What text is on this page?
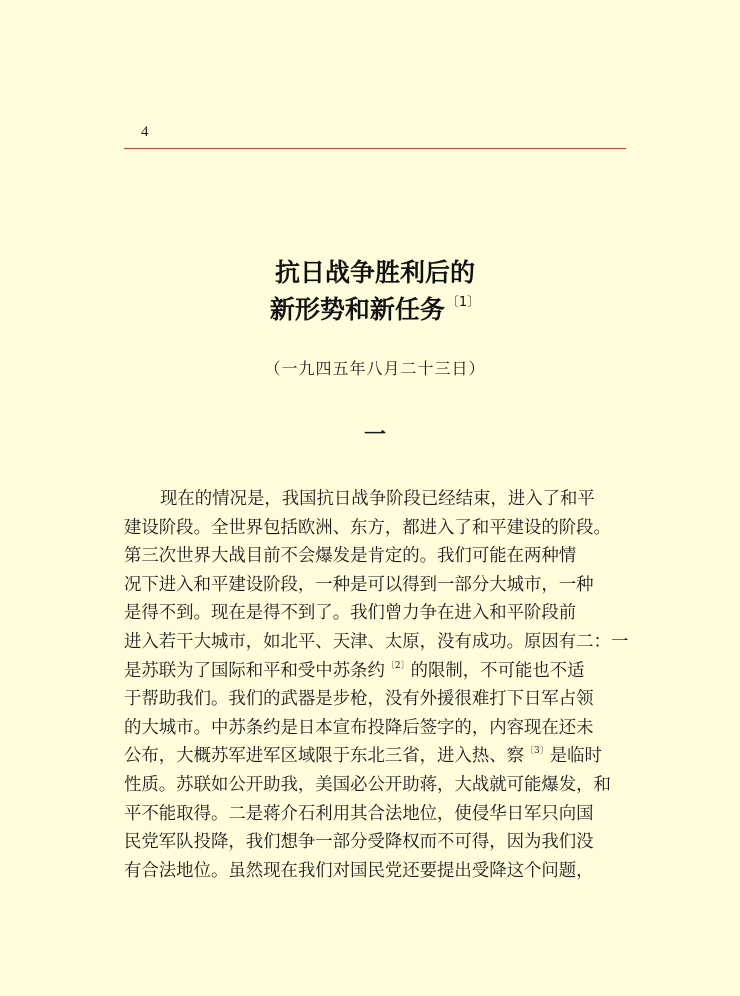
4
抗日战争胜利后的
新形势和新任务$^{〔1〕}$
（一九四五年八月二十三日）
一
现在的情况是，我国抗日战争阶段已经结束，进入了和平
建设阶段。全世界包括欧洲、东方，都进入了和平建设的阶段。
第三次世界大战目前不会爆发是肯定的。我们可能在两种情
况下进入和平建设阶段，一种是可以得到一部分大城市，一种
是得不到。现在是得不到了。我们曾力争在进入和平阶段前
进入若干大城市，如北平、天津、太原，没有成功。原因有二：一
是苏联为了国际和平和受中苏条约$^{〔2〕}$的限制，不可能也不适
于帮助我们。我们的武器是步枪，没有外援很难打下日军占领
的大城市。中苏条约是日本宣布投降后签字的，内容现在还未
公布，大概苏军进军区域限于东北三省，进入热、察$^{〔3〕}$是临时
性质。苏联如公开助我，美国必公开助蒋，大战就可能爆发，和
平不能取得。二是蒋介石利用其合法地位，使侵华日军只向国
民党军队投降，我们想争一部分受降权而不可得，因为我们没
有合法地位。虽然现在我们对国民党还要提出受降这个问题，
